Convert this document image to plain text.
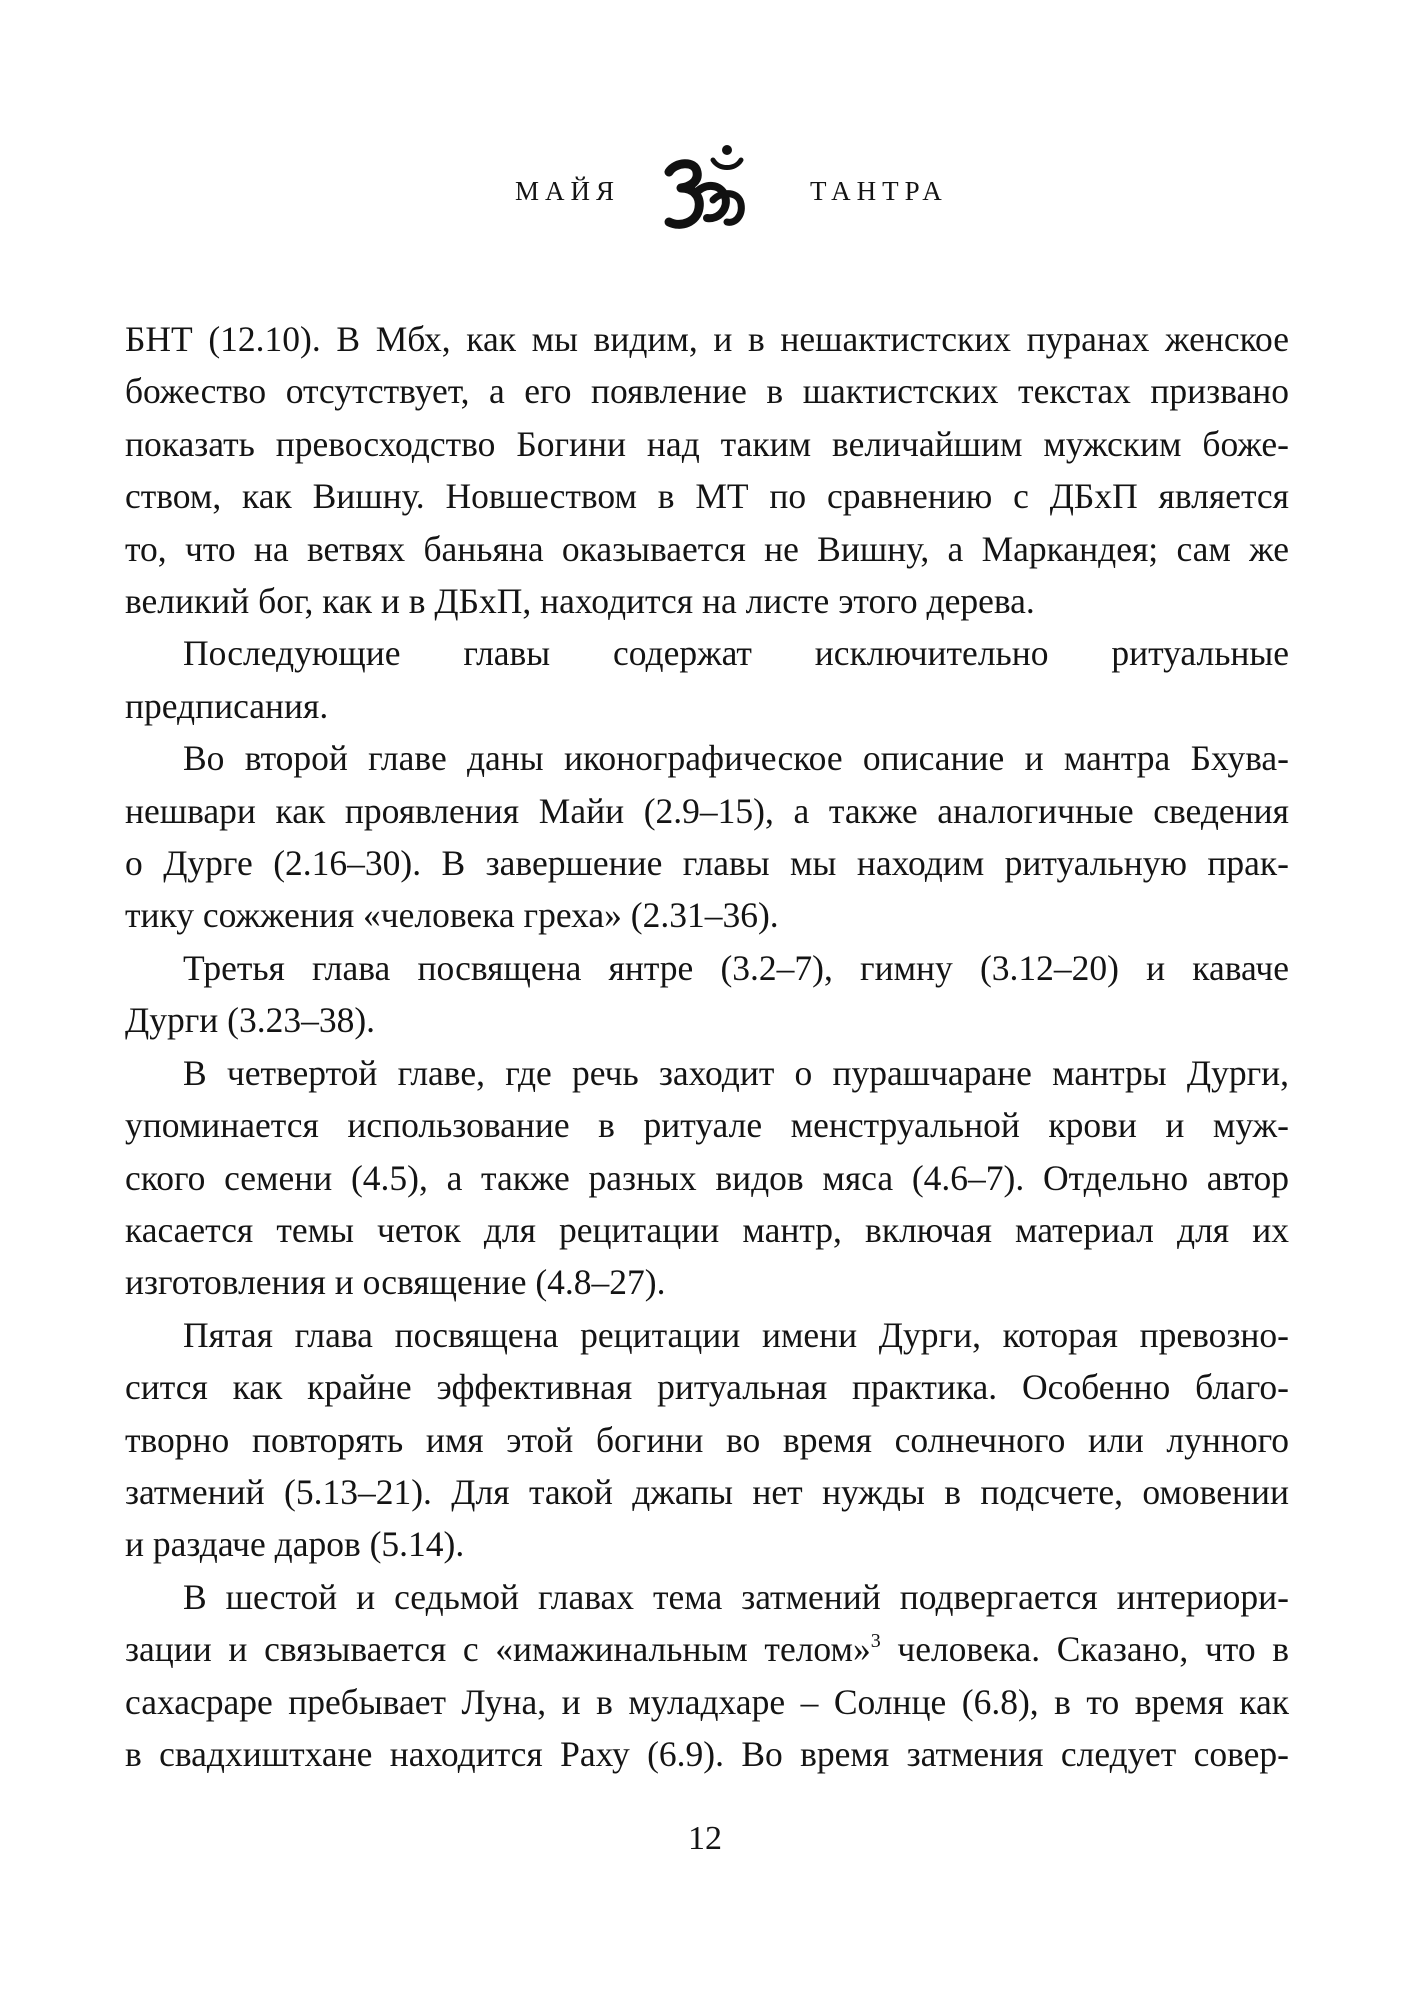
МАЙЯ	ТАНТРА
БНТ (12.10). В Мбх, как мы видим, и в нешактистских пуранах женское
божество отсутствует, а его появление в шактистских текстах призвано
показать превосходство Богини над таким величайшим мужским боже-
ством, как Вишну. Новшеством в МТ по сравнению с ДБхП является
то, что на ветвях баньяна оказывается не Вишну, а Маркандея; сам же
великий бог, как и в ДБхП, находится на листе этого дерева.
Последующие главы содержат исключительно ритуальные
предписания.
Во второй главе даны иконографическое описание и мантра Бхува-
нешвари как проявления Майи (2.9–15), а также аналогичные сведения
о Дурге (2.16–30). В завершение главы мы находим ритуальную прак-
тику сожжения «человека греха» (2.31–36).
Третья глава посвящена янтре (3.2–7), гимну (3.12–20) и каваче
Дурги (3.23–38).
В четвертой главе, где речь заходит о пурашчаране мантры Дурги,
упоминается использование в ритуале менструальной крови и муж-
ского семени (4.5), а также разных видов мяса (4.6–7). Отдельно автор
касается темы четок для рецитации мантр, включая материал для их
изготовления и освящение (4.8–27).
Пятая глава посвящена рецитации имени Дурги, которая превозно-
сится как крайне эффективная ритуальная практика. Особенно благо-
творно повторять имя этой богини во время солнечного или лунного
затмений (5.13–21). Для такой джапы нет нужды в подсчете, омовении
и раздаче даров (5.14).
В шестой и седьмой главах тема затмений подвергается интериори-
зации и связывается с «имажинальным телом»$^3$ человека. Сказано, что в
сахасраре пребывает Луна, и в муладхаре – Солнце (6.8), в то время как
в свадхиштхане находится Раху (6.9). Во время затмения следует совер-
12
